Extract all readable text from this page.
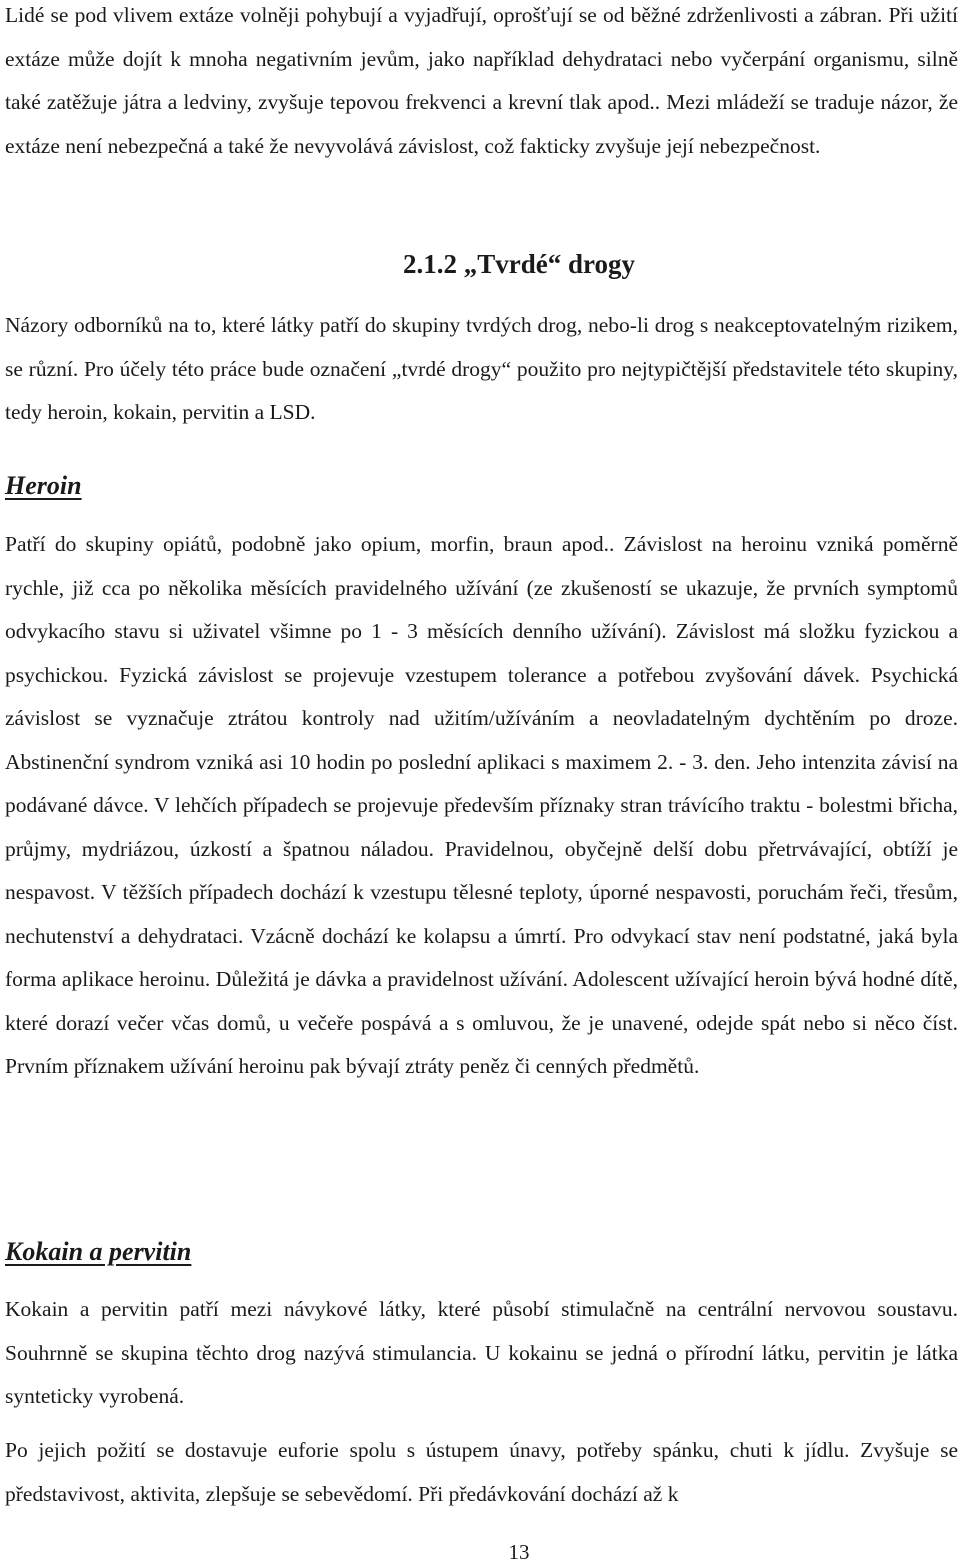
Lidé se pod vlivem extáze volněji pohybují a vyjadřují, oprošťují se od běžné zdrženlivosti a zábran. Při užití extáze může dojít k mnoha negativním jevům, jako například dehydrataci nebo vyčerpání organismu, silně také zatěžuje játra a ledviny, zvyšuje tepovou frekvenci a krevní tlak apod.. Mezi mládeží se traduje názor, že extáze není nebezpečná a také že nevyvolává závislost, což fakticky zvyšuje její nebezpečnost.

2.1.2 „Tvrdé“ drogy

Názory odborníků na to, které látky patří do skupiny tvrdých drog, nebo-li drog s neakceptovatelným rizikem, se různí. Pro účely této práce bude označení „tvrdé drogy“ použito pro nejtypičtější představitele této skupiny, tedy heroin, kokain, pervitin a LSD.

Heroin

Patří do skupiny opiátů, podobně jako opium, morfin, braun apod.. Závislost na heroinu vzniká poměrně rychle, již cca po několika měsících pravidelného užívání (ze zkušeností se ukazuje, že prvních symptomů odvykacího stavu si uživatel všimne po 1 - 3 měsících denního užívání). Závislost má složku fyzickou a psychickou. Fyzická závislost se projevuje vzestupem tolerance a potřebou zvyšování dávek. Psychická závislost se vyznačuje ztrátou kontroly nad užitím/užíváním a neovladatelným dychtěním po droze. Abstinenční syndrom vzniká asi 10 hodin po poslední aplikaci s maximem 2. - 3. den. Jeho intenzita závisí na podávané dávce. V lehčích případech se projevuje především příznaky stran trávícího traktu - bolestmi břicha, průjmy, mydriázou, úzkostí a špatnou náladou. Pravidelnou, obyčejně delší dobu přetrvávající, obtíží je nespavost. V těžších případech dochází k vzestupu tělesné teploty, úporné nespavosti, poruchám řeči, třesům, nechutenství a dehydrataci. Vzácně dochází ke kolapsu a úmrtí. Pro odvykací stav není podstatné, jaká byla forma aplikace heroinu. Důležitá je dávka a pravidelnost užívání. Adolescent užívající heroin bývá hodné dítě, které dorazí večer včas domů, u večeře pospává a s omluvou, že je unavené, odejde spát nebo si něco číst. Prvním příznakem užívání heroinu pak bývají ztráty peněz či cenných předmětů.

Kokain a pervitin

Kokain a pervitin patří mezi návykové látky, které působí stimulačně na centrální nervovou soustavu. Souhrnně se skupina těchto drog nazývá stimulancia. U kokainu se jedná o přírodní látku, pervitin je látka synteticky vyrobená.

Po jejich požití se dostavuje euforie spolu s ústupem únavy, potřeby spánku, chuti k jídlu. Zvyšuje se představivost, aktivita, zlepšuje se sebevědomí. Při předávkování dochází až k

13
